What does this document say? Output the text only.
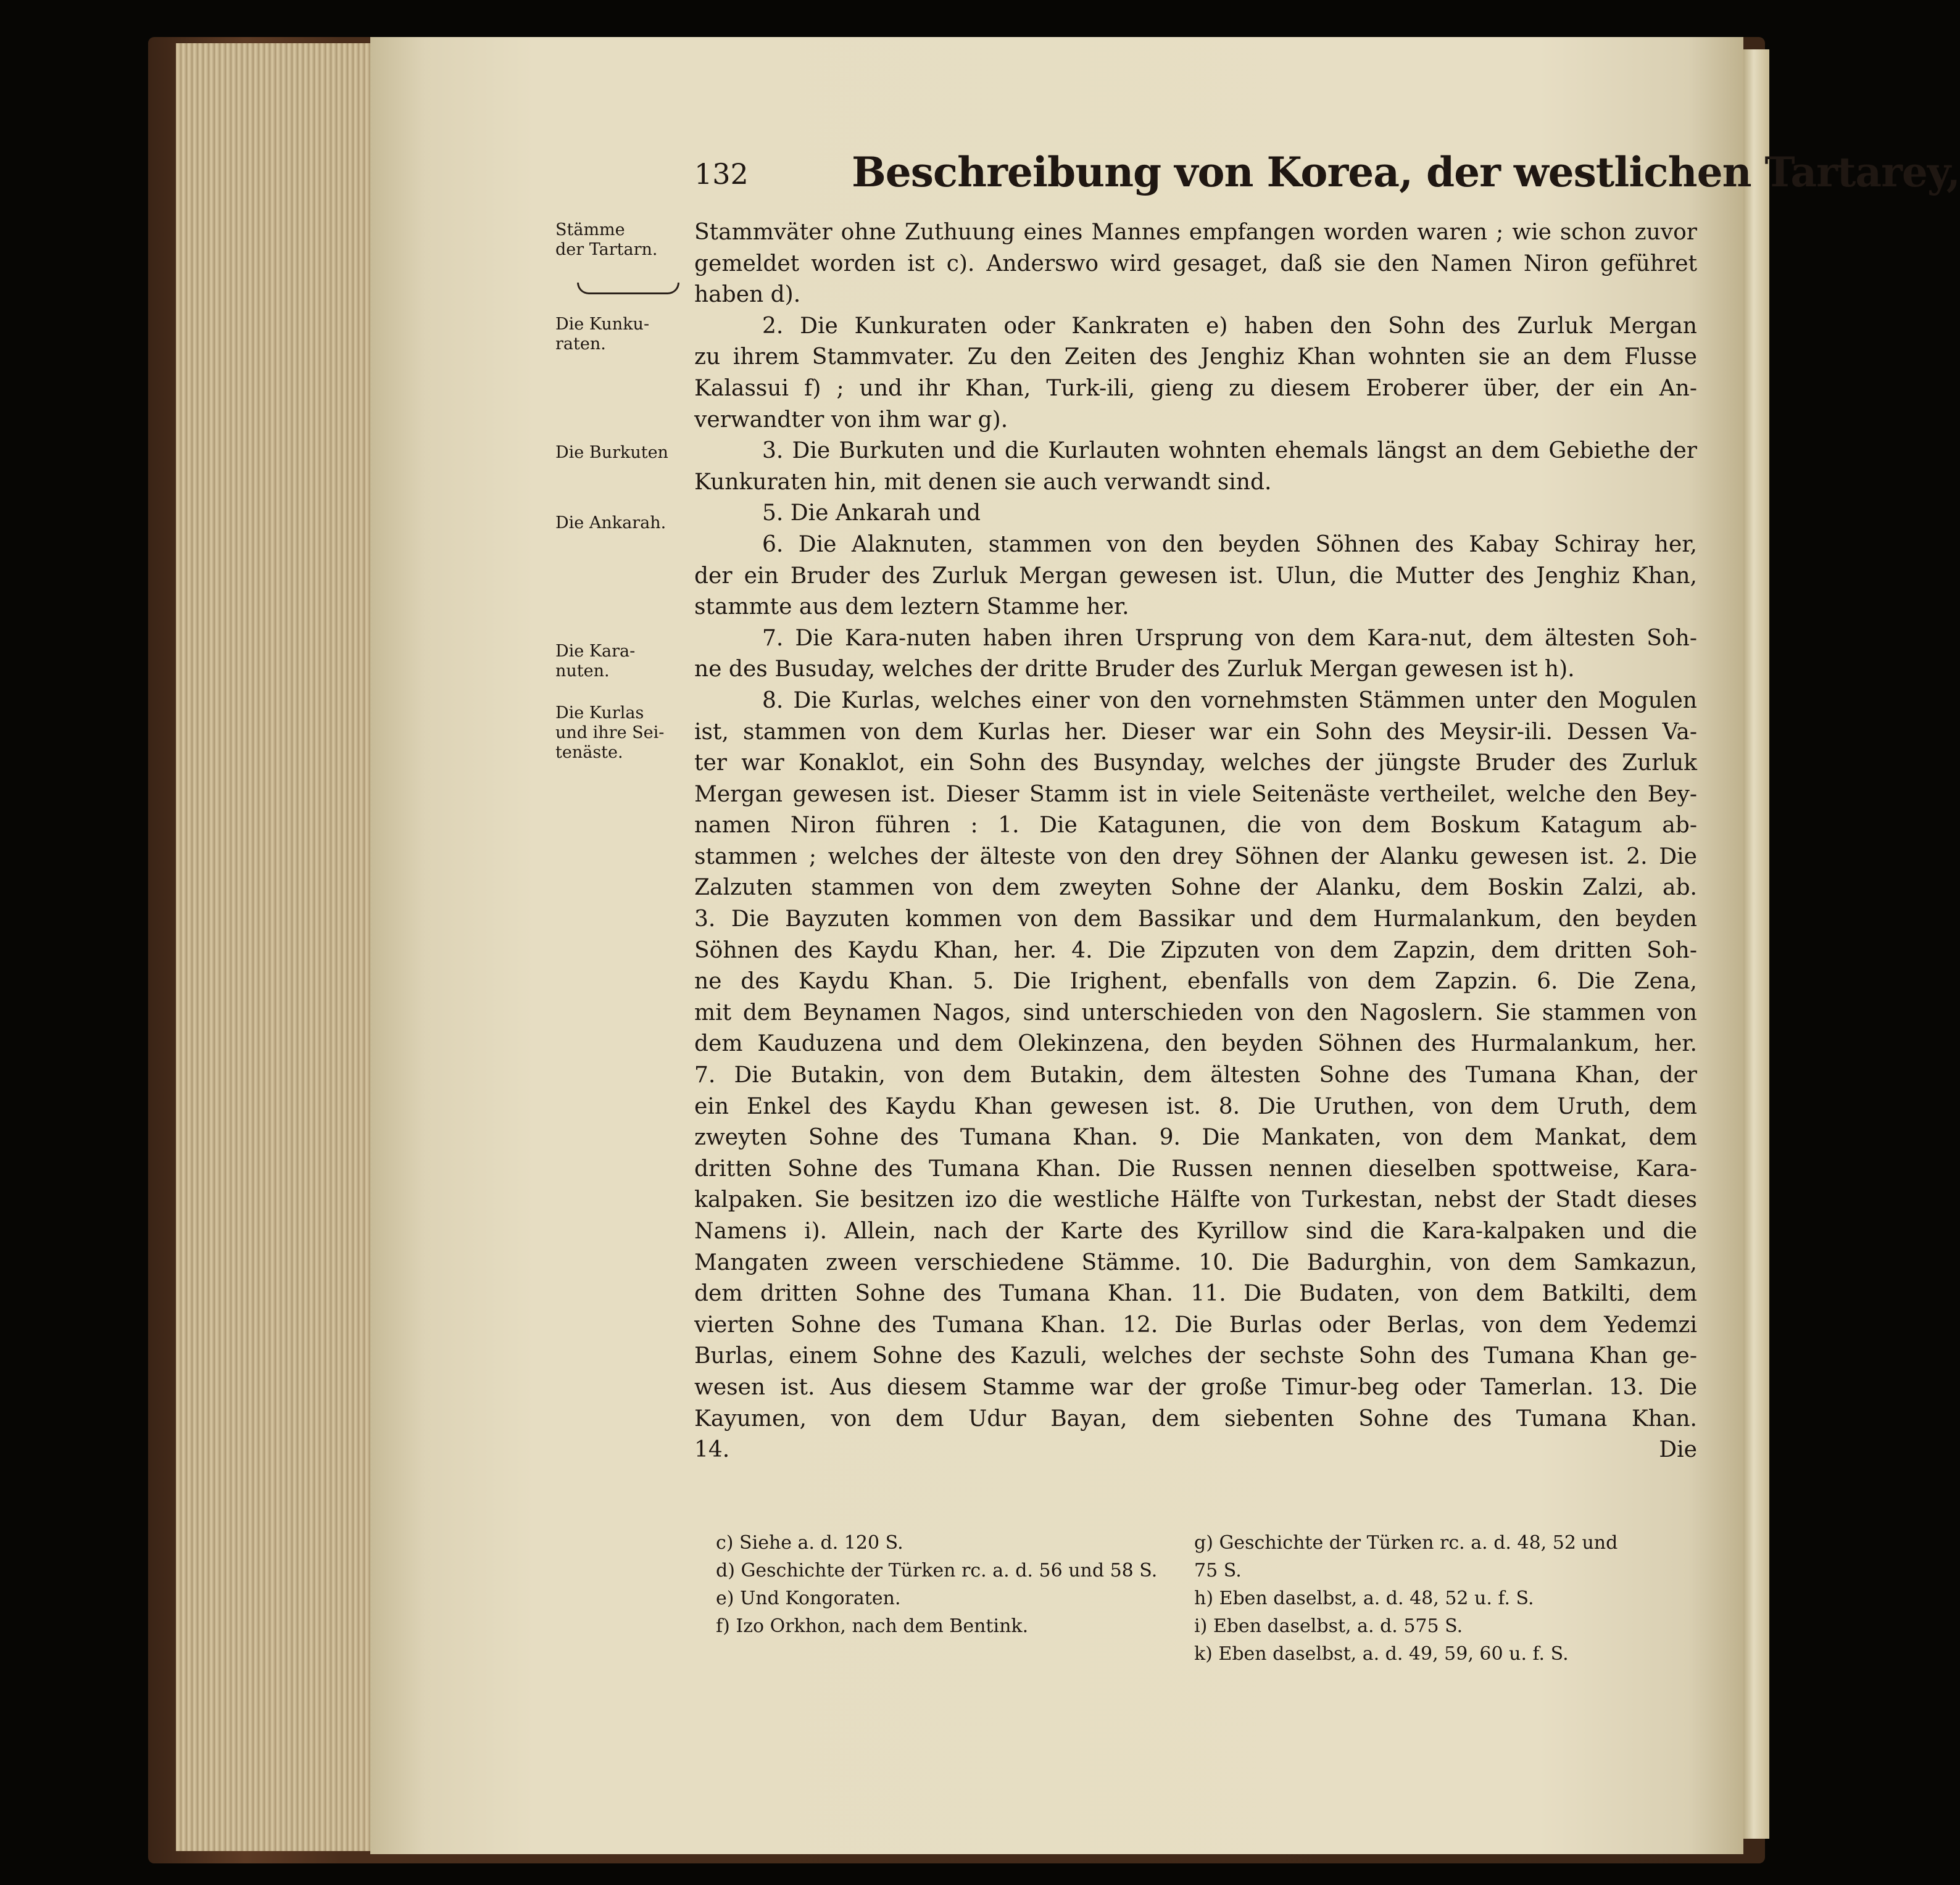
132	Beschreibung von Korea, der westlichen Tartarey,
Stämme
der Tartarn.
Die Kunku-
raten.
Die Burkuten
Die Ankarah.
Die Kara-
nuten.
Die Kurlas
und ihre Sei-
tenäste.
Stammväter ohne Zuthuung eines Mannes empfangen worden waren ; wie schon zuvor
gemeldet worden ist c). Anderswo wird gesaget, daß sie den Namen Niron geführet
haben d).
2. Die Kunkuraten oder Kankraten e) haben den Sohn des Zurluk Mergan
zu ihrem Stammvater. Zu den Zeiten des Jenghiz Khan wohnten sie an dem Flusse
Kalassui f) ; und ihr Khan, Turk-ili, gieng zu diesem Eroberer über, der ein An-
verwandter von ihm war g).
3. Die Burkuten und die Kurlauten wohnten ehemals längst an dem Gebiethe der
Kunkuraten hin, mit denen sie auch verwandt sind.
5. Die Ankarah und
6. Die Alaknuten, stammen von den beyden Söhnen des Kabay Schiray her,
der ein Bruder des Zurluk Mergan gewesen ist. Ulun, die Mutter des Jenghiz Khan,
stammte aus dem leztern Stamme her.
7. Die Kara-nuten haben ihren Ursprung von dem Kara-nut, dem ältesten Soh-
ne des Busuday, welches der dritte Bruder des Zurluk Mergan gewesen ist h).
8. Die Kurlas, welches einer von den vornehmsten Stämmen unter den Mogulen
ist, stammen von dem Kurlas her. Dieser war ein Sohn des Meysir-ili. Dessen Va-
ter war Konaklot, ein Sohn des Busynday, welches der jüngste Bruder des Zurluk
Mergan gewesen ist. Dieser Stamm ist in viele Seitenäste vertheilet, welche den Bey-
namen Niron führen : 1. Die Katagunen, die von dem Boskum Katagum ab-
stammen ; welches der älteste von den drey Söhnen der Alanku gewesen ist. 2. Die
Zalzuten stammen von dem zweyten Sohne der Alanku, dem Boskin Zalzi, ab.
3. Die Bayzuten kommen von dem Bassikar und dem Hurmalankum, den beyden
Söhnen des Kaydu Khan, her. 4. Die Zipzuten von dem Zapzin, dem dritten Soh-
ne des Kaydu Khan. 5. Die Irighent, ebenfalls von dem Zapzin. 6. Die Zena,
mit dem Beynamen Nagos, sind unterschieden von den Nagoslern. Sie stammen von
dem Kauduzena und dem Olekinzena, den beyden Söhnen des Hurmalankum, her.
7. Die Butakin, von dem Butakin, dem ältesten Sohne des Tumana Khan, der
ein Enkel des Kaydu Khan gewesen ist. 8. Die Uruthen, von dem Uruth, dem
zweyten Sohne des Tumana Khan. 9. Die Mankaten, von dem Mankat, dem
dritten Sohne des Tumana Khan. Die Russen nennen dieselben spottweise, Kara-
kalpaken. Sie besitzen izo die westliche Hälfte von Turkestan, nebst der Stadt dieses
Namens i). Allein, nach der Karte des Kyrillow sind die Kara-kalpaken und die
Mangaten zween verschiedene Stämme. 10. Die Badurghin, von dem Samkazun,
dem dritten Sohne des Tumana Khan. 11. Die Budaten, von dem Batkilti, dem
vierten Sohne des Tumana Khan. 12. Die Burlas oder Berlas, von dem Yedemzi
Burlas, einem Sohne des Kazuli, welches der sechste Sohn des Tumana Khan ge-
wesen ist. Aus diesem Stamme war der große Timur-beg oder Tamerlan. 13. Die
Kayumen, von dem Udur Bayan, dem siebenten Sohne des Tumana Khan.
14. Die
c) Siehe a. d. 120 S.
d) Geschichte der Türken rc. a. d. 56 und 58 S.
e) Und Kongoraten.
f) Izo Orkhon, nach dem Bentink.
g) Geschichte der Türken rc. a. d. 48, 52 und
75 S.
h) Eben daselbst, a. d. 48, 52 u. f. S.
i) Eben daselbst, a. d. 575 S.
k) Eben daselbst, a. d. 49, 59, 60 u. f. S.
